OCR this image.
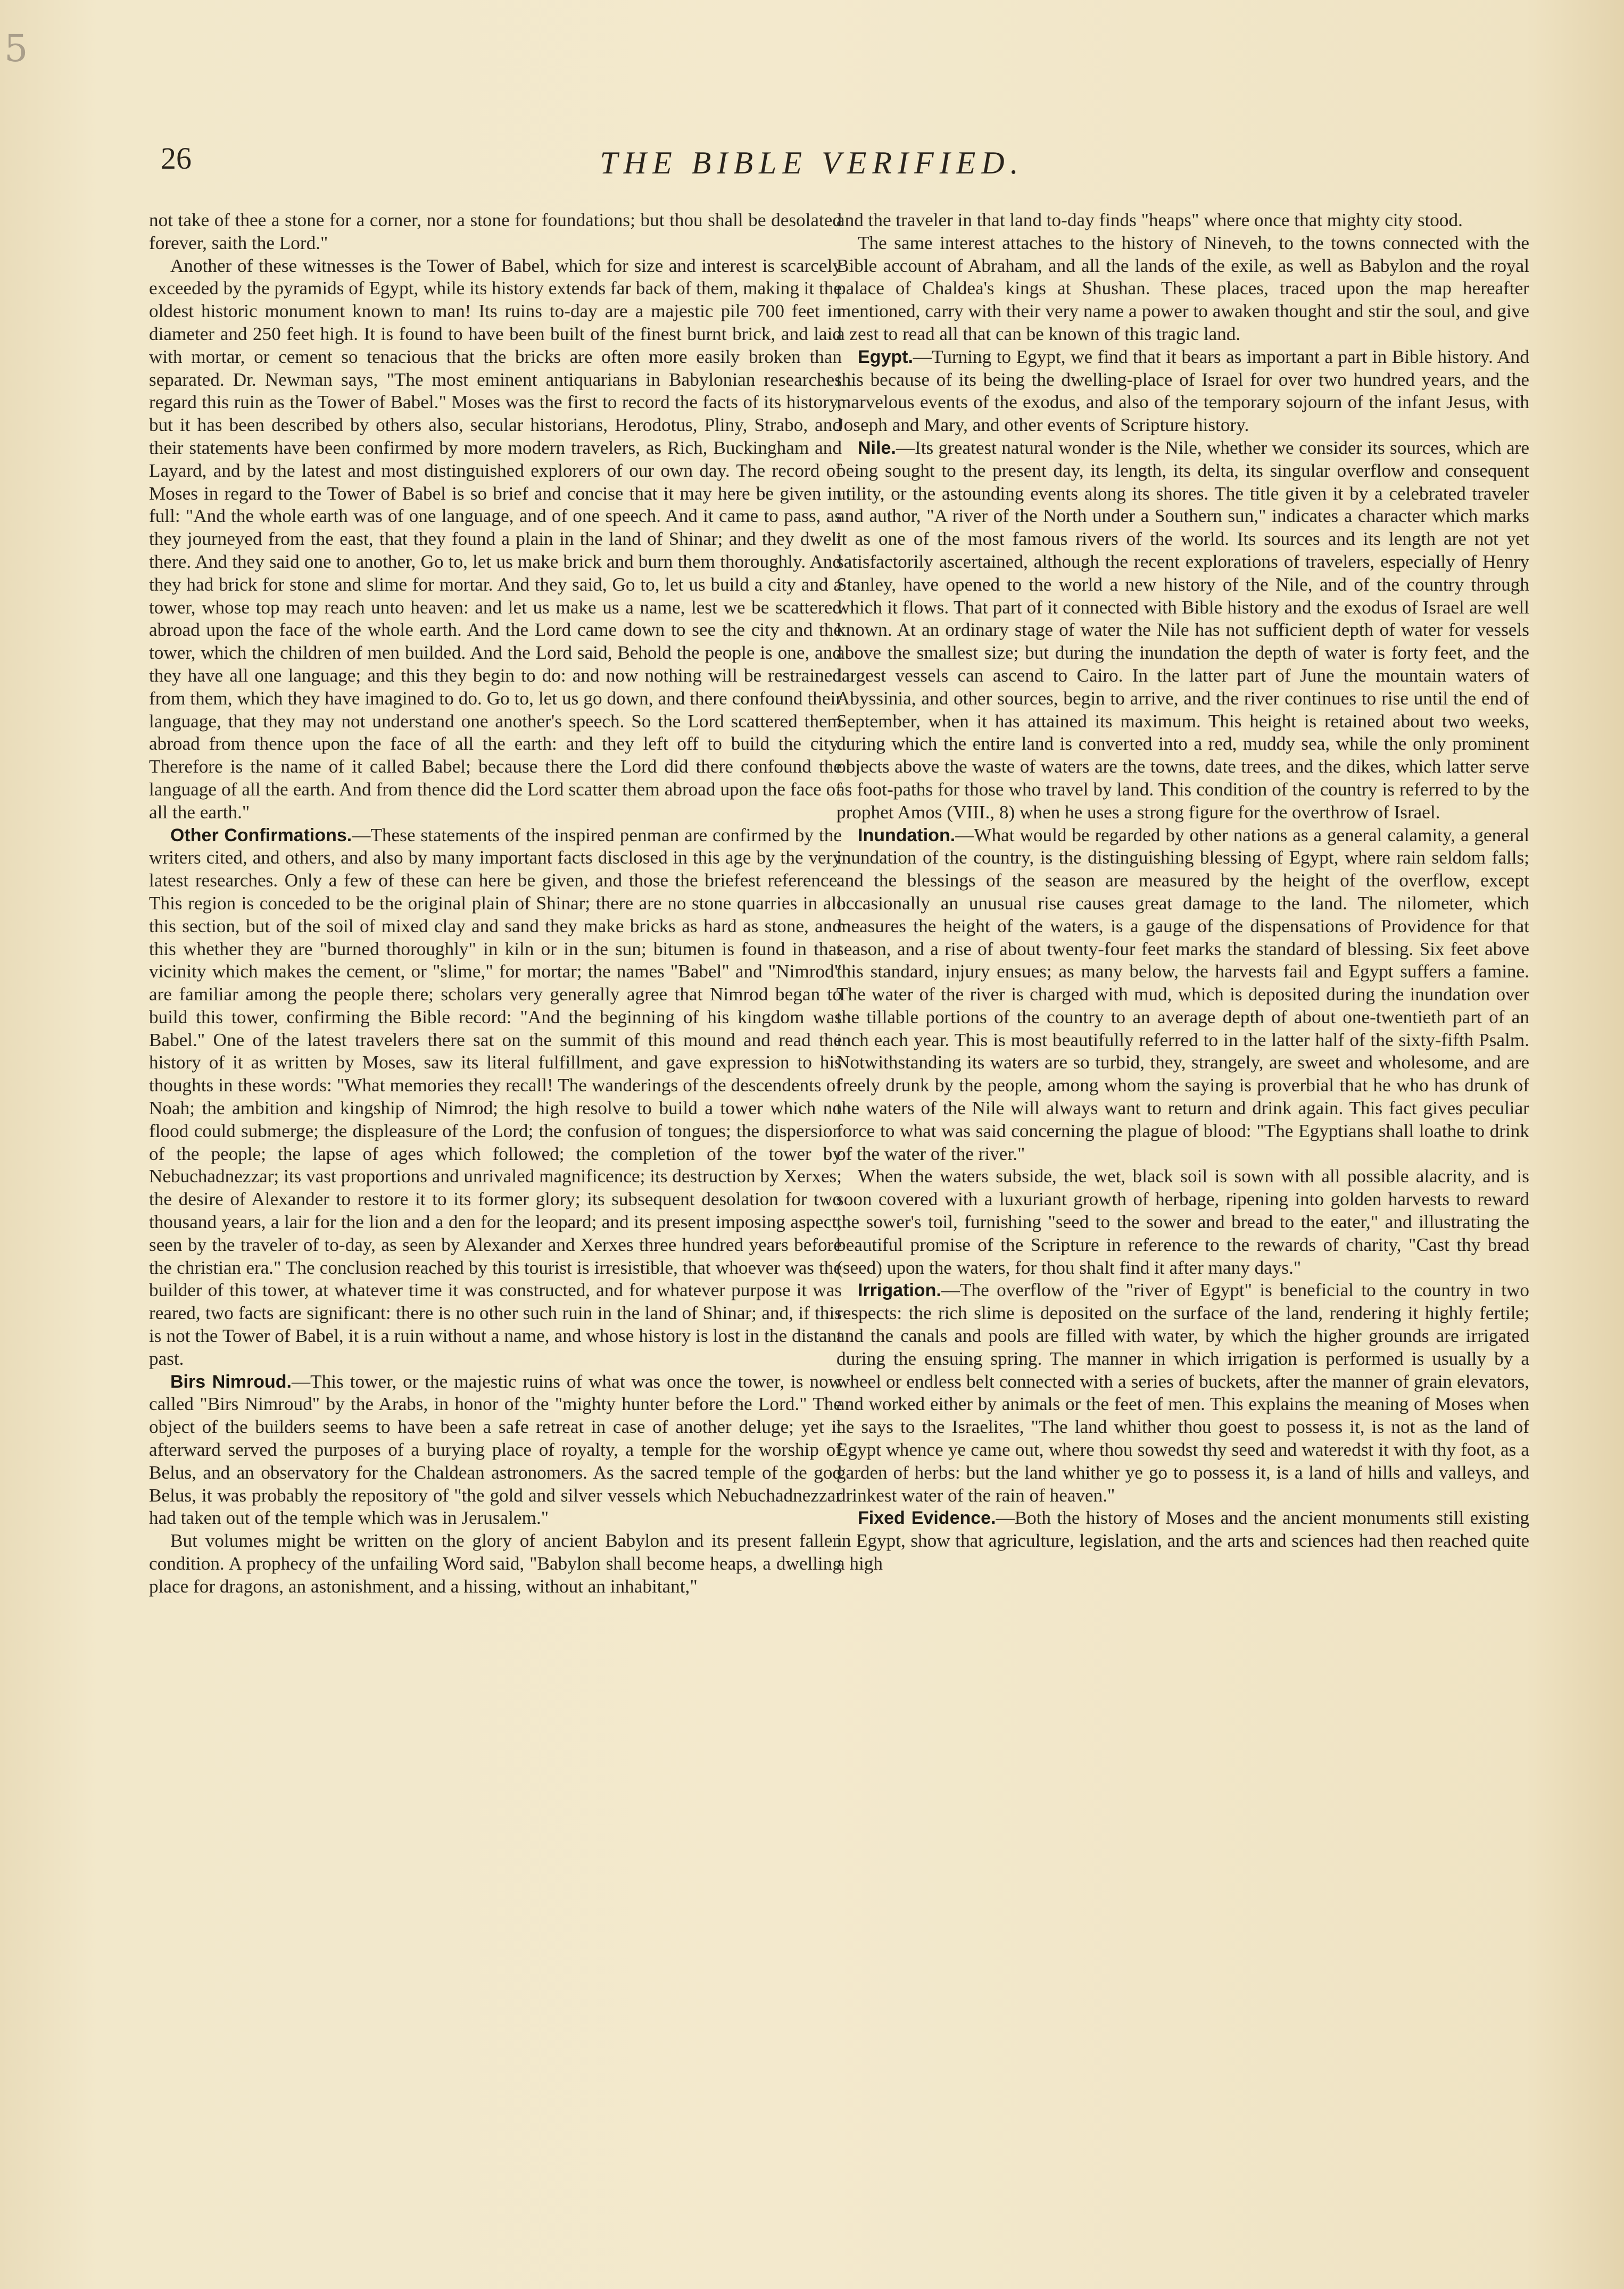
5
26	THE BIBLE VERIFIED.

not take of thee a stone for a corner, nor a stone for foundations; but thou shall be desolated forever, saith the Lord."

Another of these witnesses is the Tower of Babel, which for size and interest is scarcely exceeded by the pyramids of Egypt, while its history extends far back of them, making it the oldest historic monument known to man! Its ruins to-day are a majestic pile 700 feet in diameter and 250 feet high. It is found to have been built of the finest burnt brick, and laid with mortar, or cement so tenacious that the bricks are often more easily broken than separated. Dr. Newman says, "The most eminent antiquarians in Babylonian researches regard this ruin as the Tower of Babel." Moses was the first to record the facts of its history, but it has been described by others also, secular historians, Herodotus, Pliny, Strabo, and their statements have been confirmed by more modern travelers, as Rich, Buckingham and Layard, and by the latest and most distinguished explorers of our own day. The record of Moses in regard to the Tower of Babel is so brief and concise that it may here be given in full: "And the whole earth was of one language, and of one speech. And it came to pass, as they journeyed from the east, that they found a plain in the land of Shinar; and they dwelt there. And they said one to another, Go to, let us make brick and burn them thoroughly. And they had brick for stone and slime for mortar. And they said, Go to, let us build a city and a tower, whose top may reach unto heaven: and let us make us a name, lest we be scattered abroad upon the face of the whole earth. And the Lord came down to see the city and the tower, which the children of men builded. And the Lord said, Behold the people is one, and they have all one language; and this they begin to do: and now nothing will be restrained from them, which they have imagined to do. Go to, let us go down, and there confound their language, that they may not understand one another's speech. So the Lord scattered them abroad from thence upon the face of all the earth: and they left off to build the city. Therefore is the name of it called Babel; because there the Lord did there confound the language of all the earth. And from thence did the Lord scatter them abroad upon the face of all the earth."

Other Confirmations.—These statements of the inspired penman are confirmed by the writers cited, and others, and also by many important facts disclosed in this age by the very latest researches. Only a few of these can here be given, and those the briefest reference. This region is conceded to be the original plain of Shinar; there are no stone quarries in all this section, but of the soil of mixed clay and sand they make bricks as hard as stone, and this whether they are "burned thoroughly" in kiln or in the sun; bitumen is found in that vicinity which makes the cement, or "slime," for mortar; the names "Babel" and "Nimrod" are familiar among the people there; scholars very generally agree that Nimrod began to build this tower, confirming the Bible record: "And the beginning of his kingdom was Babel." One of the latest travelers there sat on the summit of this mound and read the history of it as written by Moses, saw its literal fulfillment, and gave expression to his thoughts in these words: "What memories they recall! The wanderings of the descendents of Noah; the ambition and kingship of Nimrod; the high resolve to build a tower which no flood could submerge; the displeasure of the Lord; the confusion of tongues; the dispersion of the people; the lapse of ages which followed; the completion of the tower by Nebuchadnezzar; its vast proportions and unrivaled magnificence; its destruction by Xerxes; the desire of Alexander to restore it to its former glory; its subsequent desolation for two thousand years, a lair for the lion and a den for the leopard; and its present imposing aspect, seen by the traveler of to-day, as seen by Alexander and Xerxes three hundred years before the christian era." The conclusion reached by this tourist is irresistible, that whoever was the builder of this tower, at whatever time it was constructed, and for whatever purpose it was reared, two facts are significant: there is no other such ruin in the land of Shinar; and, if this is not the Tower of Babel, it is a ruin without a name, and whose history is lost in the distant past.

Birs Nimroud.—This tower, or the majestic ruins of what was once the tower, is now called "Birs Nimroud" by the Arabs, in honor of the "mighty hunter before the Lord." The object of the builders seems to have been a safe retreat in case of another deluge; yet it afterward served the purposes of a burying place of royalty, a temple for the worship of Belus, and an observatory for the Chaldean astronomers. As the sacred temple of the god Belus, it was probably the repository of "the gold and silver vessels which Nebuchadnezzar had taken out of the temple which was in Jerusalem."

But volumes might be written on the glory of ancient Babylon and its present fallen condition. A prophecy of the unfailing Word said, "Babylon shall become heaps, a dwelling place for dragons, an astonishment, and a hissing, without an inhabitant,"

and the traveler in that land to-day finds "heaps" where once that mighty city stood.

The same interest attaches to the history of Nineveh, to the towns connected with the Bible account of Abraham, and all the lands of the exile, as well as Babylon and the royal palace of Chaldea's kings at Shushan. These places, traced upon the map hereafter mentioned, carry with their very name a power to awaken thought and stir the soul, and give a zest to read all that can be known of this tragic land.

Egypt.—Turning to Egypt, we find that it bears as important a part in Bible history. And this because of its being the dwelling-place of Israel for over two hundred years, and the marvelous events of the exodus, and also of the temporary sojourn of the infant Jesus, with Joseph and Mary, and other events of Scripture history.

Nile.—Its greatest natural wonder is the Nile, whether we consider its sources, which are being sought to the present day, its length, its delta, its singular overflow and consequent utility, or the astounding events along its shores. The title given it by a celebrated traveler and author, "A river of the North under a Southern sun," indicates a character which marks it as one of the most famous rivers of the world. Its sources and its length are not yet satisfactorily ascertained, although the recent explorations of travelers, especially of Henry Stanley, have opened to the world a new history of the Nile, and of the country through which it flows. That part of it connected with Bible history and the exodus of Israel are well known. At an ordinary stage of water the Nile has not sufficient depth of water for vessels above the smallest size; but during the inundation the depth of water is forty feet, and the largest vessels can ascend to Cairo. In the latter part of June the mountain waters of Abyssinia, and other sources, begin to arrive, and the river continues to rise until the end of September, when it has attained its maximum. This height is retained about two weeks, during which the entire land is converted into a red, muddy sea, while the only prominent objects above the waste of waters are the towns, date trees, and the dikes, which latter serve as foot-paths for those who travel by land. This condition of the country is referred to by the prophet Amos (VIII., 8) when he uses a strong figure for the overthrow of Israel.

Inundation.—What would be regarded by other nations as a general calamity, a general inundation of the country, is the distinguishing blessing of Egypt, where rain seldom falls; and the blessings of the season are measured by the height of the overflow, except occasionally an unusual rise causes great damage to the land. The nilometer, which measures the height of the waters, is a gauge of the dispensations of Providence for that season, and a rise of about twenty-four feet marks the standard of blessing. Six feet above this standard, injury ensues; as many below, the harvests fail and Egypt suffers a famine. The water of the river is charged with mud, which is deposited during the inundation over the tillable portions of the country to an average depth of about one-twentieth part of an inch each year. This is most beautifully referred to in the latter half of the sixty-fifth Psalm. Notwithstanding its waters are so turbid, they, strangely, are sweet and wholesome, and are freely drunk by the people, among whom the saying is proverbial that he who has drunk of the waters of the Nile will always want to return and drink again. This fact gives peculiar force to what was said concerning the plague of blood: "The Egyptians shall loathe to drink of the water of the river."

When the waters subside, the wet, black soil is sown with all possible alacrity, and is soon covered with a luxuriant growth of herbage, ripening into golden harvests to reward the sower's toil, furnishing "seed to the sower and bread to the eater," and illustrating the beautiful promise of the Scripture in reference to the rewards of charity, "Cast thy bread (seed) upon the waters, for thou shalt find it after many days."

Irrigation.—The overflow of the "river of Egypt" is beneficial to the country in two respects: the rich slime is deposited on the surface of the land, rendering it highly fertile; and the canals and pools are filled with water, by which the higher grounds are irrigated during the ensuing spring. The manner in which irrigation is performed is usually by a wheel or endless belt connected with a series of buckets, after the manner of grain elevators, and worked either by animals or the feet of men. This explains the meaning of Moses when he says to the Israelites, "The land whither thou goest to possess it, is not as the land of Egypt whence ye came out, where thou sowedst thy seed and wateredst it with thy foot, as a garden of herbs: but the land whither ye go to possess it, is a land of hills and valleys, and drinkest water of the rain of heaven."

Fixed Evidence.—Both the history of Moses and the ancient monuments still existing in Egypt, show that agriculture, legislation, and the arts and sciences had then reached quite a high
